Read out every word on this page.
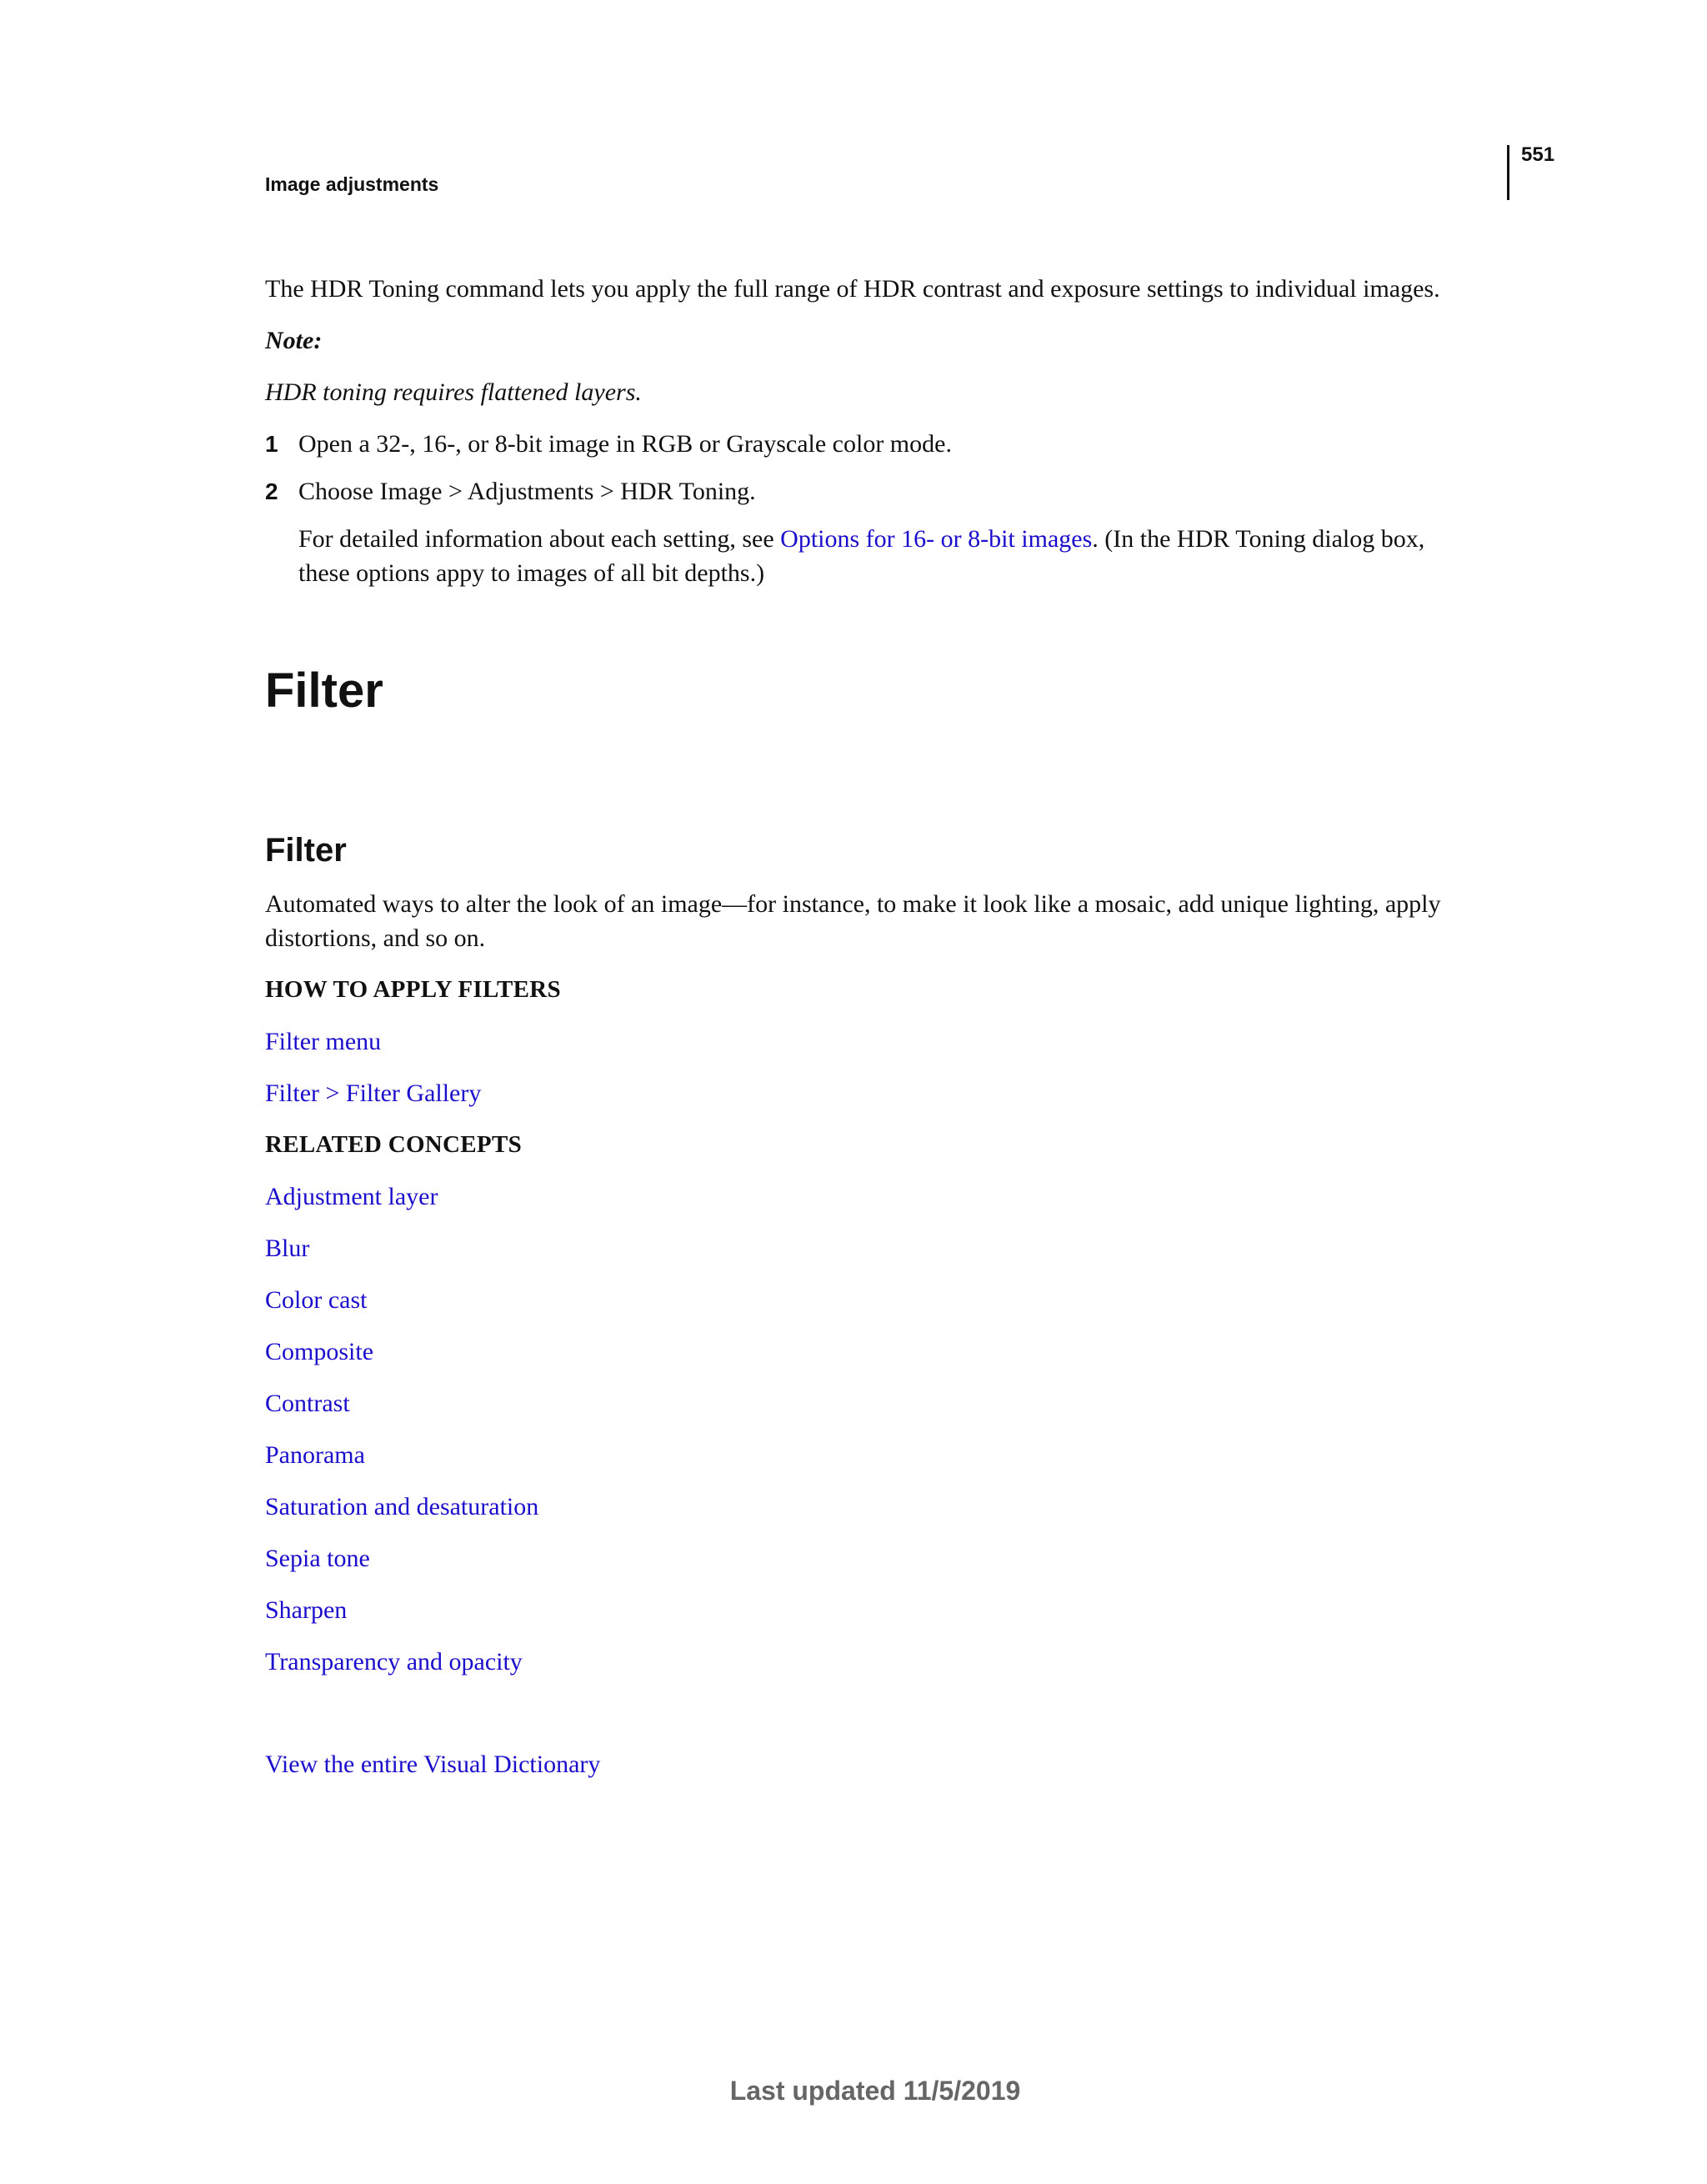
Image adjustments
551
The HDR Toning command lets you apply the full range of HDR contrast and exposure settings to individual images.
Note:
HDR toning requires flattened layers.
1 Open a 32-, 16-, or 8-bit image in RGB or Grayscale color mode.
2 Choose Image > Adjustments > HDR Toning.
For detailed information about each setting, see Options for 16- or 8-bit images. (In the HDR Toning dialog box,
these options appy to images of all bit depths.)
Filter
Filter
Automated ways to alter the look of an image—for instance, to make it look like a mosaic, add unique lighting, apply
distortions, and so on.
HOW TO APPLY FILTERS
Filter menu
Filter > Filter Gallery
RELATED CONCEPTS
Adjustment layer
Blur
Color cast
Composite
Contrast
Panorama
Saturation and desaturation
Sepia tone
Sharpen
Transparency and opacity
View the entire Visual Dictionary
Last updated 11/5/2019
